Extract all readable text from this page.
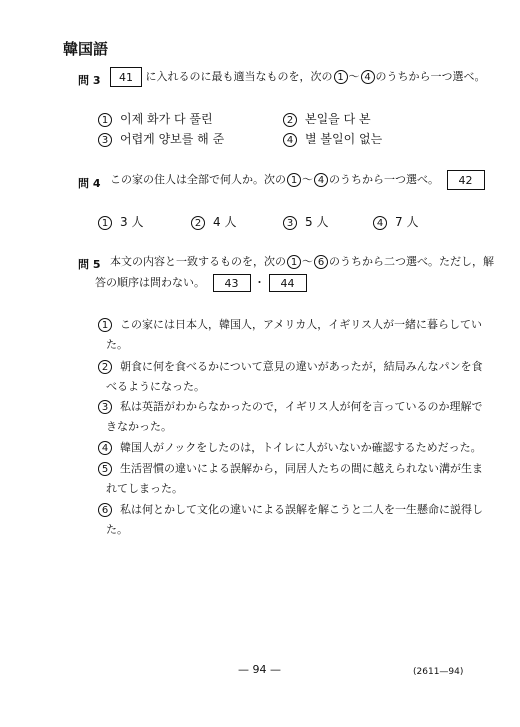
韓国語
問 3	41 に入れるのに最も適当なものを，次の 1 〜 4 のうちから一つ選べ。
1 이제 화가 다 풀린	2 본일을 다 본
3 어렵게 양보를 해 준	4 별 볼일이 없는
問 4 この家の住人は全部で何人か。次の 1 〜 4 のうちから一つ選べ。 42
1 3 人	2 4 人	3 5 人	4 7 人
問 5 本文の内容と一致するものを，次の 1 〜 6 のうちから二つ選べ。ただし，解
答の順序は問わない。 43 ・ 44
1 この家には日本人，韓国人，アメリカ人，イギリス人が一緒に暮らしてい
た。
2 朝食に何を食べるかについて意見の違いがあったが，結局みんなパンを食
べるようになった。
3 私は英語がわからなかったので，イギリス人が何を言っているのか理解で
きなかった。
4 韓国人がノックをしたのは，トイレに人がいないか確認するためだった。
5 生活習慣の違いによる誤解から，同居人たちの間に越えられない溝が生ま
れてしまった。
6 私は何とかして文化の違いによる誤解を解こうと二人を一生懸命に説得し
た。
— 94 —	(2611—94)
